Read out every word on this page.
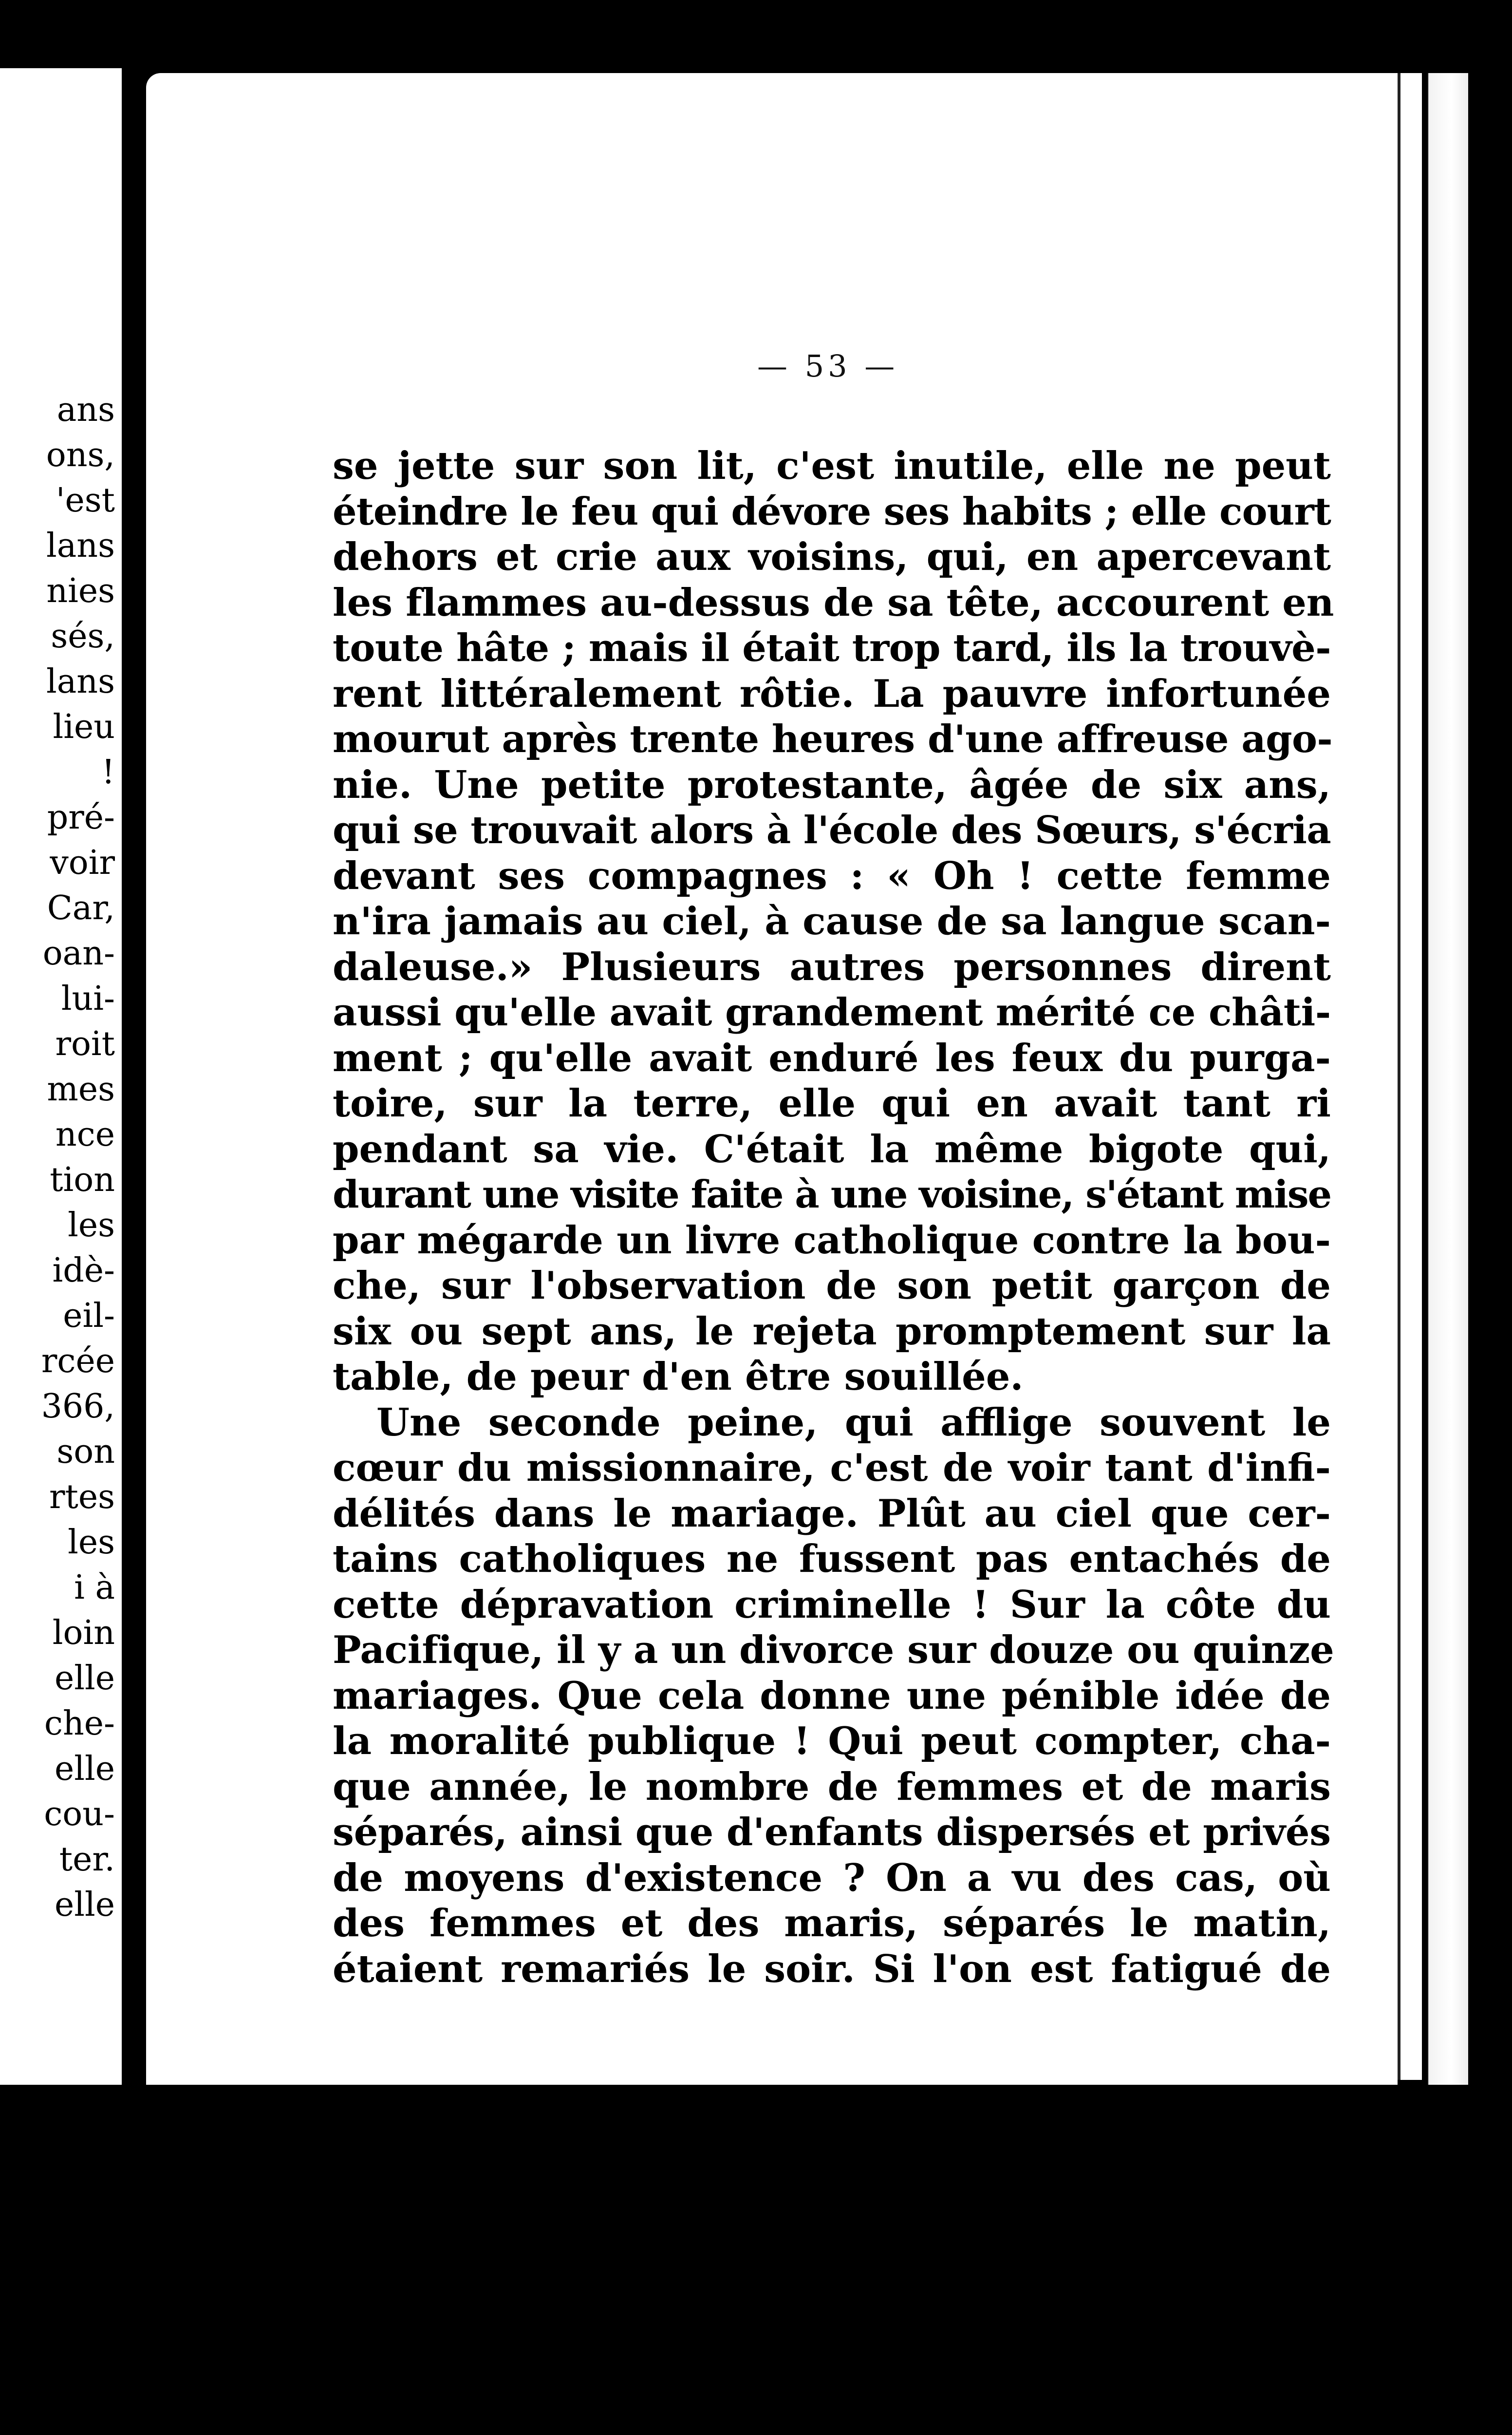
ans
ons,
'est
lans
nies
sés,
lans
lieu
!
pré-
voir
Car,
oan-
lui-
roit
mes
nce
tion
les
idè-
eil-
rcée
366,
son
rtes
les
i à
loin
elle
che-
elle
cou-
ter.
elle
— 53 —
se jette sur son lit, c'est inutile, elle ne peut
éteindre le feu qui dévore ses habits ; elle court
dehors et crie aux voisins, qui, en apercevant
les flammes au-dessus de sa tête, accourent en
toute hâte ; mais il était trop tard, ils la trouvè-
rent littéralement rôtie. La pauvre infortunée
mourut après trente heures d'une affreuse ago-
nie. Une petite protestante, âgée de six ans,
qui se trouvait alors à l'école des Sœurs, s'écria
devant ses compagnes : « Oh ! cette femme
n'ira jamais au ciel, à cause de sa langue scan-
daleuse.» Plusieurs autres personnes dirent
aussi qu'elle avait grandement mérité ce châti-
ment ; qu'elle avait enduré les feux du purga-
toire, sur la terre, elle qui en avait tant ri
pendant sa vie. C'était la même bigote qui,
durant une visite faite à une voisine, s'étant mise
par mégarde un livre catholique contre la bou-
che, sur l'observation de son petit garçon de
six ou sept ans, le rejeta promptement sur la
table, de peur d'en être souillée.
Une seconde peine, qui afflige souvent le
cœur du missionnaire, c'est de voir tant d'infi-
délités dans le mariage. Plût au ciel que cer-
tains catholiques ne fussent pas entachés de
cette dépravation criminelle ! Sur la côte du
Pacifique, il y a un divorce sur douze ou quinze
mariages. Que cela donne une pénible idée de
la moralité publique ! Qui peut compter, cha-
que année, le nombre de femmes et de maris
séparés, ainsi que d'enfants dispersés et privés
de moyens d'existence ? On a vu des cas, où
des femmes et des maris, séparés le matin,
étaient remariés le soir. Si l'on est fatigué de
